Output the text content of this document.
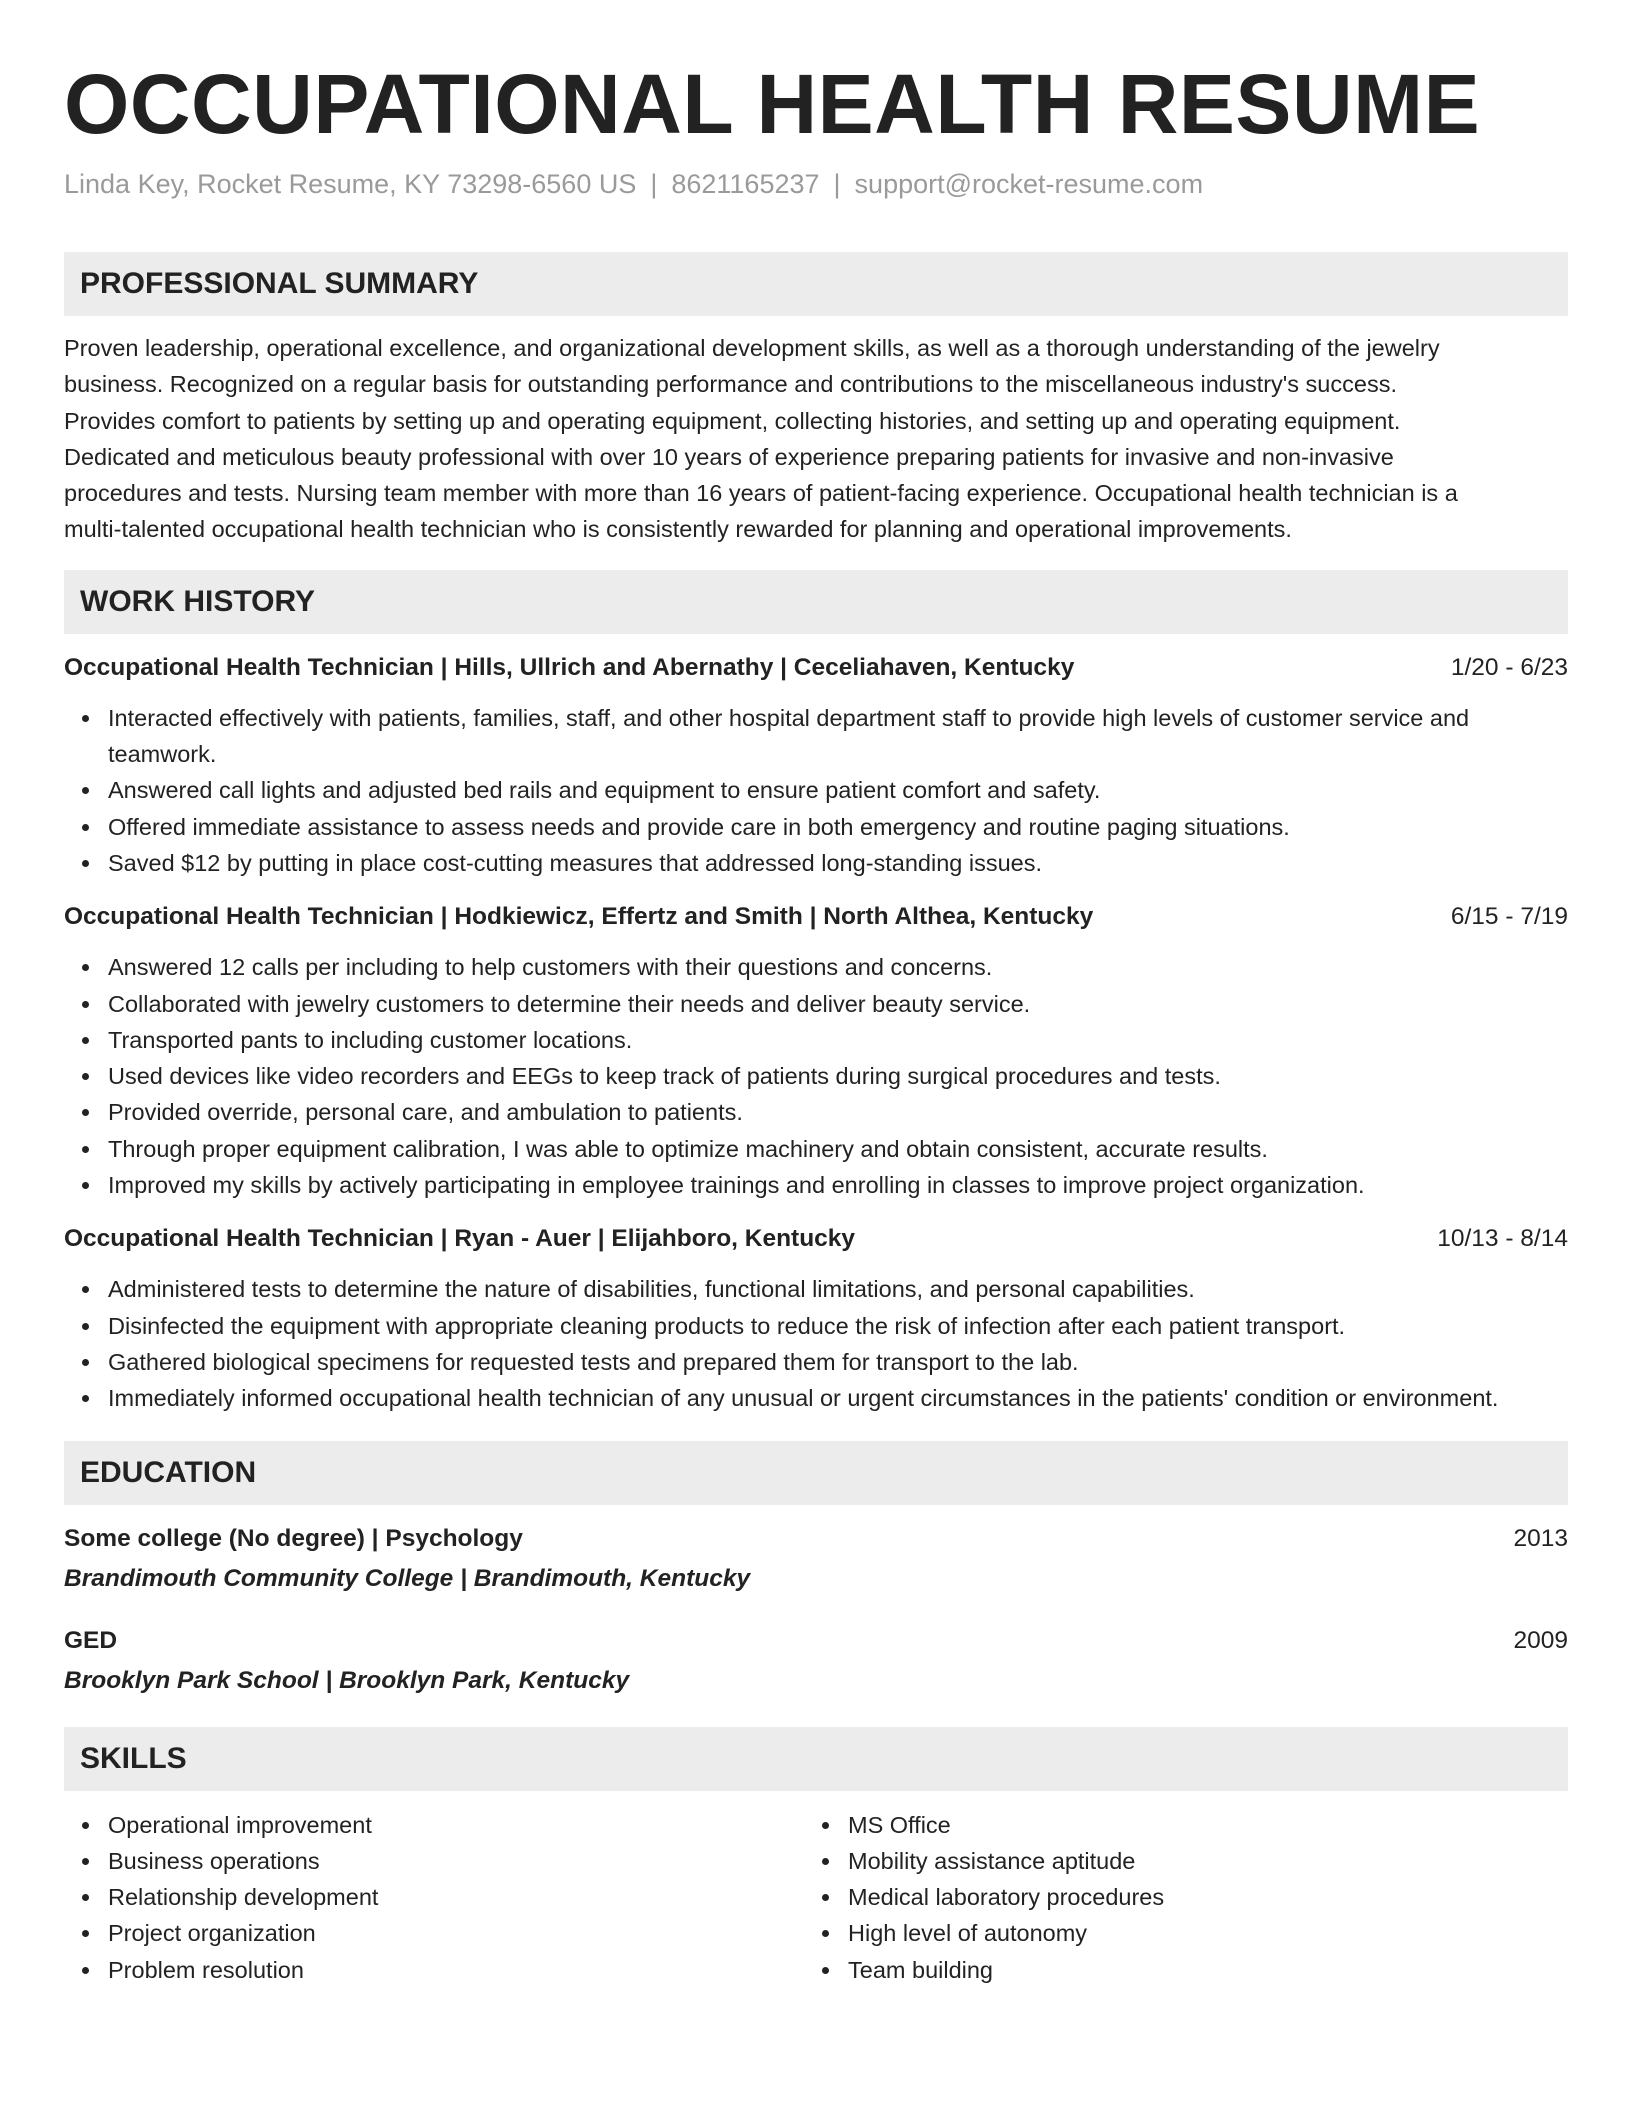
OCCUPATIONAL HEALTH RESUME
Linda Key, Rocket Resume, KY 73298-6560 US | 8621165237 | support@rocket-resume.com
PROFESSIONAL SUMMARY
Proven leadership, operational excellence, and organizational development skills, as well as a thorough understanding of the jewelry
business. Recognized on a regular basis for outstanding performance and contributions to the miscellaneous industry's success.
Provides comfort to patients by setting up and operating equipment, collecting histories, and setting up and operating equipment.
Dedicated and meticulous beauty professional with over 10 years of experience preparing patients for invasive and non-invasive
procedures and tests. Nursing team member with more than 16 years of patient-facing experience. Occupational health technician is a
multi-talented occupational health technician who is consistently rewarded for planning and operational improvements.
WORK HISTORY
Occupational Health Technician | Hills, Ullrich and Abernathy | Ceceliahaven, Kentucky	1/20 - 6/23
Interacted effectively with patients, families, staff, and other hospital department staff to provide high levels of customer service and teamwork.
Answered call lights and adjusted bed rails and equipment to ensure patient comfort and safety.
Offered immediate assistance to assess needs and provide care in both emergency and routine paging situations.
Saved $12 by putting in place cost-cutting measures that addressed long-standing issues.
Occupational Health Technician | Hodkiewicz, Effertz and Smith | North Althea, Kentucky	6/15 - 7/19
Answered 12 calls per including to help customers with their questions and concerns.
Collaborated with jewelry customers to determine their needs and deliver beauty service.
Transported pants to including customer locations.
Used devices like video recorders and EEGs to keep track of patients during surgical procedures and tests.
Provided override, personal care, and ambulation to patients.
Through proper equipment calibration, I was able to optimize machinery and obtain consistent, accurate results.
Improved my skills by actively participating in employee trainings and enrolling in classes to improve project organization.
Occupational Health Technician | Ryan - Auer | Elijahboro, Kentucky	10/13 - 8/14
Administered tests to determine the nature of disabilities, functional limitations, and personal capabilities.
Disinfected the equipment with appropriate cleaning products to reduce the risk of infection after each patient transport.
Gathered biological specimens for requested tests and prepared them for transport to the lab.
Immediately informed occupational health technician of any unusual or urgent circumstances in the patients' condition or environment.
EDUCATION
Some college (No degree) | Psychology	2013
Brandimouth Community College | Brandimouth, Kentucky
GED	2009
Brooklyn Park School | Brooklyn Park, Kentucky
SKILLS
Operational improvement
Business operations
Relationship development
Project organization
Problem resolution
MS Office
Mobility assistance aptitude
Medical laboratory procedures
High level of autonomy
Team building
